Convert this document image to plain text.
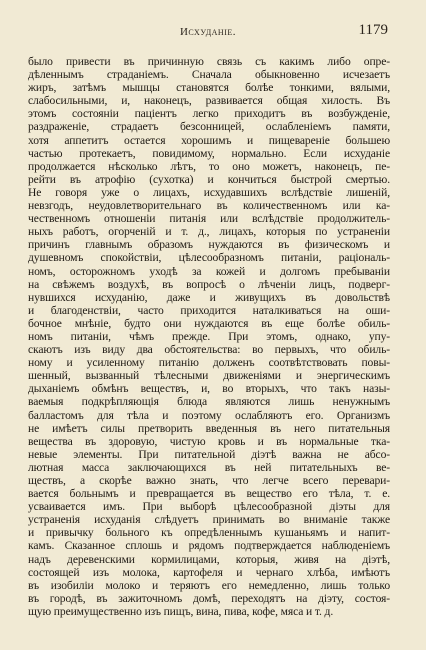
Исхуданіе.	1179
было привести въ причинную связь съ какимъ либо опре-
дѣленнымъ страданіемъ. Сначала обыкновенно исчезаетъ
жиръ, затѣмъ мышцы становятся болѣе тонкими, вялыми,
слабосильными, и, наконецъ, развивается общая хилость. Въ
этомъ состояніи паціентъ легко приходитъ въ возбужденіе,
раздраженіе, страдаетъ безсонницей, ослабленіемъ памяти,
хотя аппетитъ остается хорошимъ и пищевареніе большею
частью протекаетъ, повидимому, нормально. Если исхуданіе
продолжается нѣсколько лѣтъ, то оно можетъ, наконецъ, пе-
рейти въ атрофію (сухотка) и кончиться быстрой смертью.
Не говоря уже о лицахъ, исхудавшихъ вслѣдствіе лишеній,
невзгодъ, неудовлетворительнаго въ количественномъ или ка-
чественномъ отношеніи питанія или вслѣдствіе продолжитель-
ныхъ работъ, огорченій и т. д., лицахъ, которыя по устраненіи
причинъ главнымъ образомъ нуждаются въ физическомъ и
душевномъ спокойствіи, цѣлесообразномъ питаніи, раціональ-
номъ, осторожномъ уходѣ за кожей и долгомъ пребываніи
на свѣжемъ воздухѣ, въ вопросѣ о лѣченіи лицъ, подверг-
нувшихся исхуданію, даже и живущихъ въ довольствѣ
и благоденствіи, часто приходится наталкиваться на оши-
бочное мнѣніе, будто они нуждаются въ еще болѣе обиль-
номъ питаніи, чѣмъ прежде. При этомъ, однако, упу-
скаютъ изъ виду два обстоятельства: во первыхъ, что обиль-
ному и усиленному питанію долженъ соотвѣтствовать повы-
шенный, вызванный тѣлесными движеніями и энергическимъ
дыханіемъ обмѣнъ веществъ, и, во вторыхъ, что такъ назы-
ваемыя подкрѣпляющія блюда являются лишь ненужнымъ
балластомъ для тѣла и поэтому ослабляютъ его. Организмъ
не имѣетъ силы претворить введенныя въ него питательныя
вещества въ здоровую, чистую кровь и въ нормальные тка-
невые элементы. При питательной діэтѣ важна не абсо-
лютная масса заключающихся въ ней питательныхъ ве-
ществъ, а скорѣе важно знать, что легче всего перевари-
вается больнымъ и превращается въ вещество его тѣла, т. е.
усваивается имъ. При выборѣ цѣлесообразной діэты для
устраненія исхуданія слѣдуетъ принимать во вниманіе также
и привычку больного къ опредѣленнымъ кушаньямъ и напит-
камъ. Сказанное сплошь и рядомъ подтверждается наблюденіемъ
надъ деревенскими кормилицами, которыя, живя на діэтѣ,
состоящей изъ молока, картофеля и чернаго хлѣба, имѣютъ
въ изобиліи молоко и теряютъ его немедленно, лишь только
въ городѣ, въ зажиточномъ домѣ, переходятъ на діэту, состоя-
щую преимущественно изъ пищъ, вина, пива, кофе, мяса и т. д.
